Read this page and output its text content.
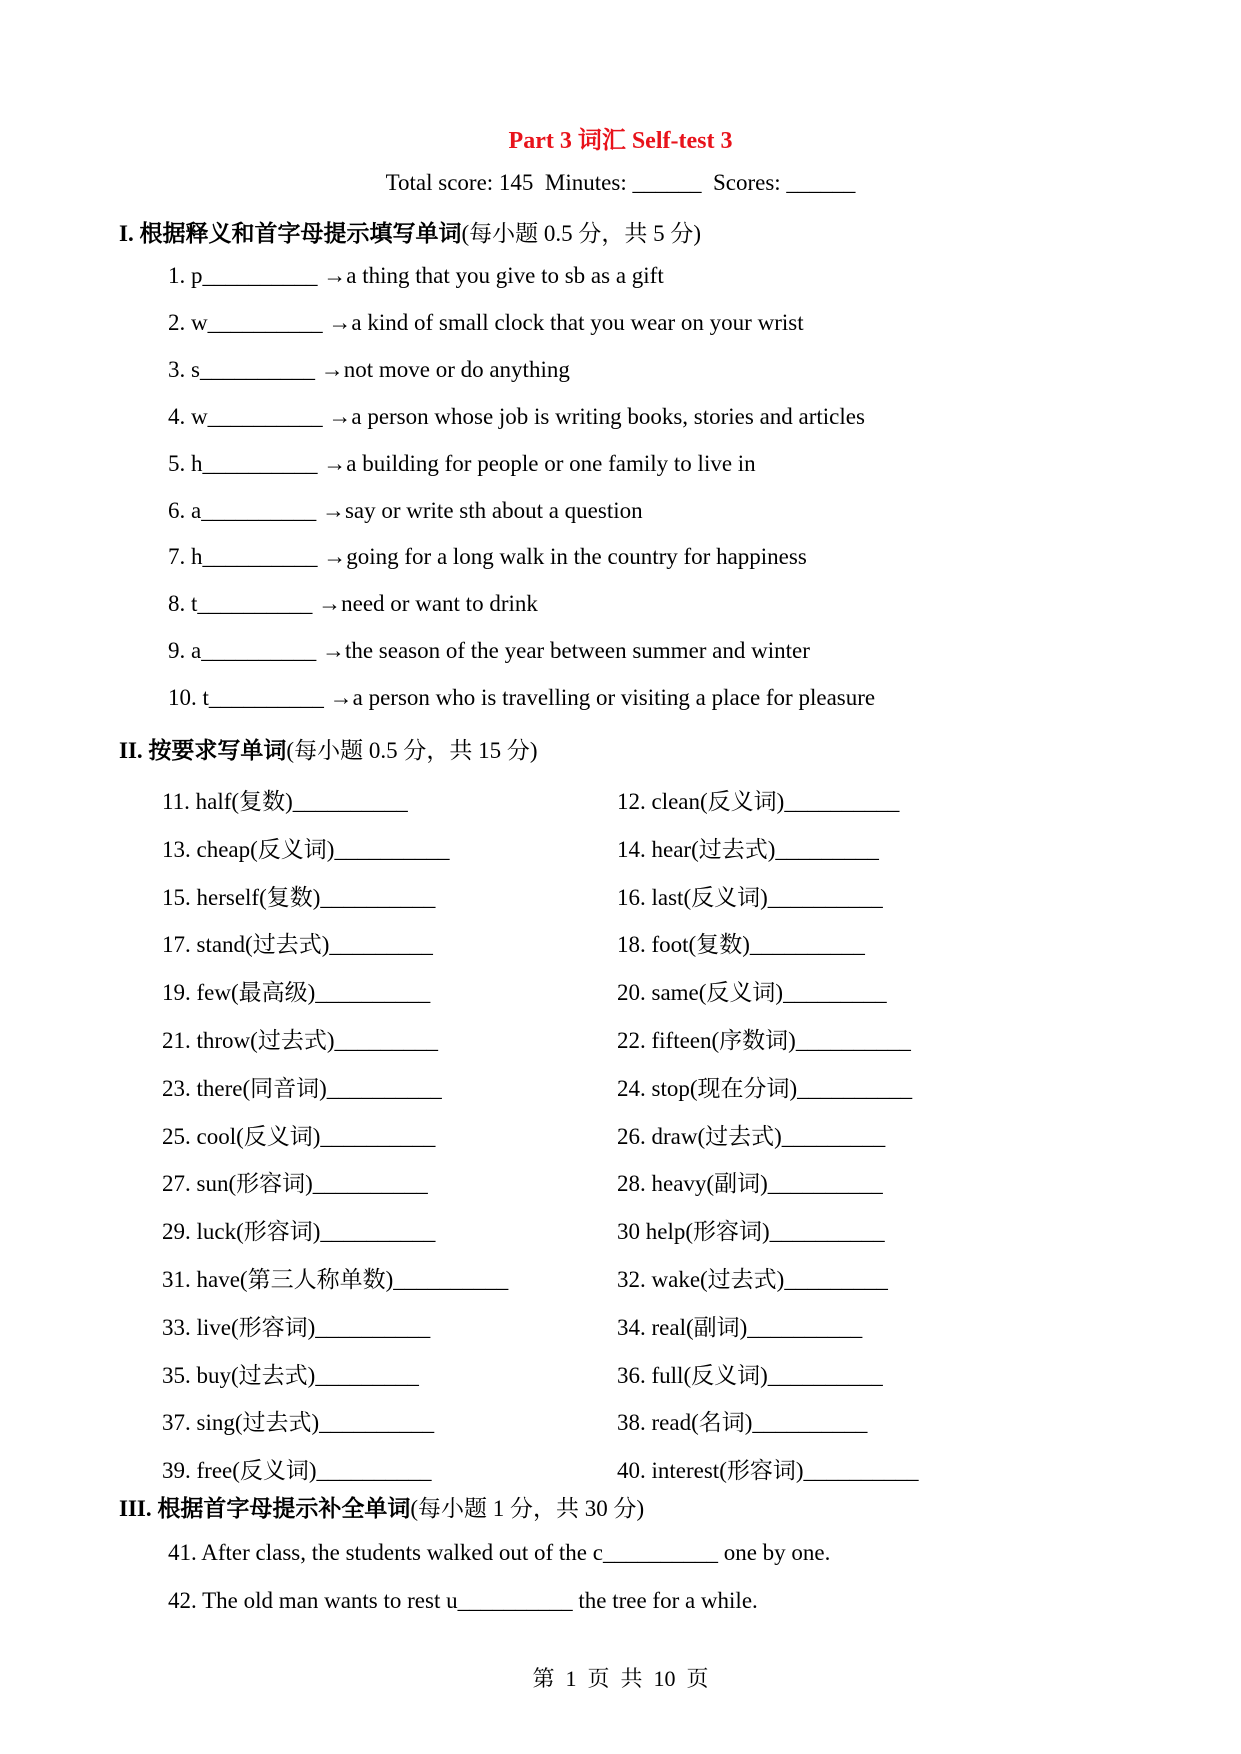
Part 3 词汇 Self-test 3
Total score: 145  Minutes: ______  Scores: ______
I. 根据释义和首字母提示填写单词(每小题 0.5 分，共 5 分)
1. p__________ →a thing that you give to sb as a gift
2. w__________ →a kind of small clock that you wear on your wrist
3. s__________ →not move or do anything
4. w__________ →a person whose job is writing books, stories and articles
5. h__________ →a building for people or one family to live in
6. a__________ →say or write sth about a question
7. h__________ →going for a long walk in the country for happiness
8. t__________ →need or want to drink
9. a__________ →the season of the year between summer and winter
10. t__________ →a person who is travelling or visiting a place for pleasure
II. 按要求写单词(每小题 0.5 分，共 15 分)
11. half(复数)__________
13. cheap(反义词)__________
15. herself(复数)__________
17. stand(过去式)_________
19. few(最高级)__________
21. throw(过去式)_________
23. there(同音词)__________
25. cool(反义词)__________
27. sun(形容词)__________
29. luck(形容词)__________
31. have(第三人称单数)__________
33. live(形容词)__________
35. buy(过去式)_________
37. sing(过去式)__________
39. free(反义词)__________
12. clean(反义词)__________
14. hear(过去式)_________
16. last(反义词)__________
18. foot(复数)__________
20. same(反义词)_________
22. fifteen(序数词)__________
24. stop(现在分词)__________
26. draw(过去式)_________
28. heavy(副词)__________
30 help(形容词)__________
32. wake(过去式)_________
34. real(副词)__________
36. full(反义词)__________
38. read(名词)__________
40. interest(形容词)__________
III. 根据首字母提示补全单词(每小题 1 分，共 30 分)
41. After class, the students walked out of the c__________ one by one.
42. The old man wants to rest u__________ the tree for a while.
第  1  页  共  10  页
